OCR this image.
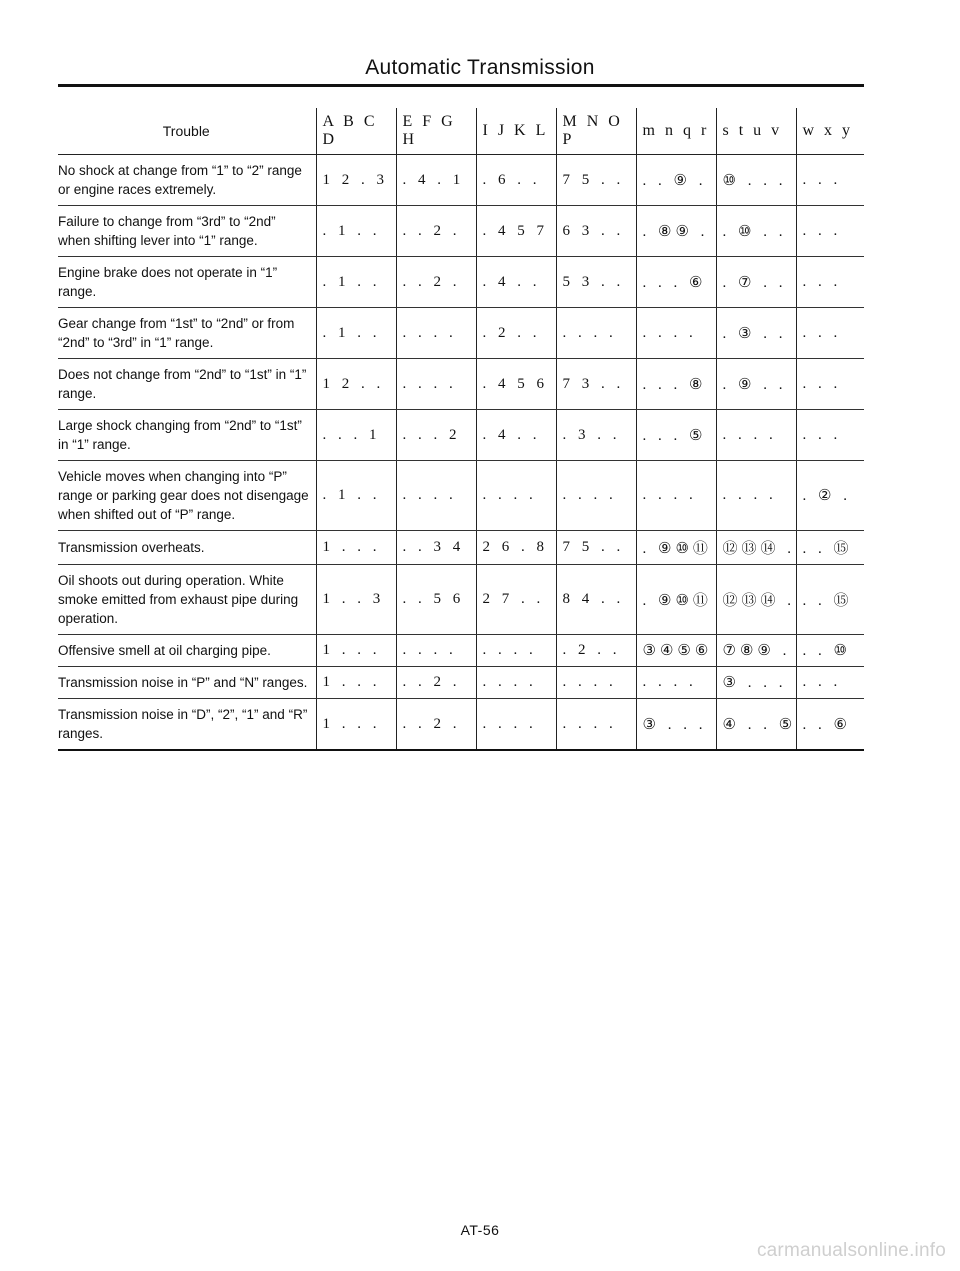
Automatic Transmission
Trouble	A B C D	E F G H	I J K L	M N O P	m n q r	s t u v	w x y
No shock at change from “1” to “2” range or engine races extremely.	1 2 . 3	. 4 . 1	. 6 . .	7 5 . .	. . ⑨ .	⑩ . . .	. . .
Failure to change from “3rd” to “2nd” when shifting lever into “1” range.	. 1 . .	. . 2 .	. 4 5 7	6 3 . .	. ⑧⑨ .	. ⑩ . .	. . .
Engine brake does not operate in “1” range.	. 1 . .	. . 2 .	. 4 . .	5 3 . .	. . . ⑥	. ⑦ . .	. . .
Gear change from “1st” to “2nd” or from “2nd” to “3rd” in “1” range.	. 1 . .	. . . .	. 2 . .	. . . .	. . . .	. ③ . .	. . .
Does not change from “2nd” to “1st” in “1” range.	1 2 . .	. . . .	. 4 5 6	7 3 . .	. . . ⑧	. ⑨ . .	. . .
Large shock changing from “2nd” to “1st” in “1” range.	. . . 1	. . . 2	. 4 . .	. 3 . .	. . . ⑤	. . . .	. . .
Vehicle moves when changing into “P” range or parking gear does not disengage when shifted out of “P” range.	. 1 . .	. . . .	. . . .	. . . .	. . . .	. . . .	. ② .
Transmission overheats.	1 . . .	. . 3 4	2 6 . 8	7 5 . .	. ⑨⑩⑪	⑫⑬⑭ .	. . ⑮
Oil shoots out during operation. White smoke emitted from exhaust pipe during operation.	1 . . 3	. . 5 6	2 7 . .	8 4 . .	. ⑨⑩⑪	⑫⑬⑭ .	. . ⑮
Offensive smell at oil charging pipe.	1 . . .	. . . .	. . . .	. 2 . .	③④⑤⑥	⑦⑧⑨ .	. . ⑩
Transmission noise in “P” and “N” ranges.	1 . . .	. . 2 .	. . . .	. . . .	. . . .	③ . . .	. . .
Transmission noise in “D”, “2”, “1” and “R” ranges.	1 . . .	. . 2 .	. . . .	. . . .	③ . . .	④ . . ⑤	. . ⑥
AT-56
carmanualsonline.info
